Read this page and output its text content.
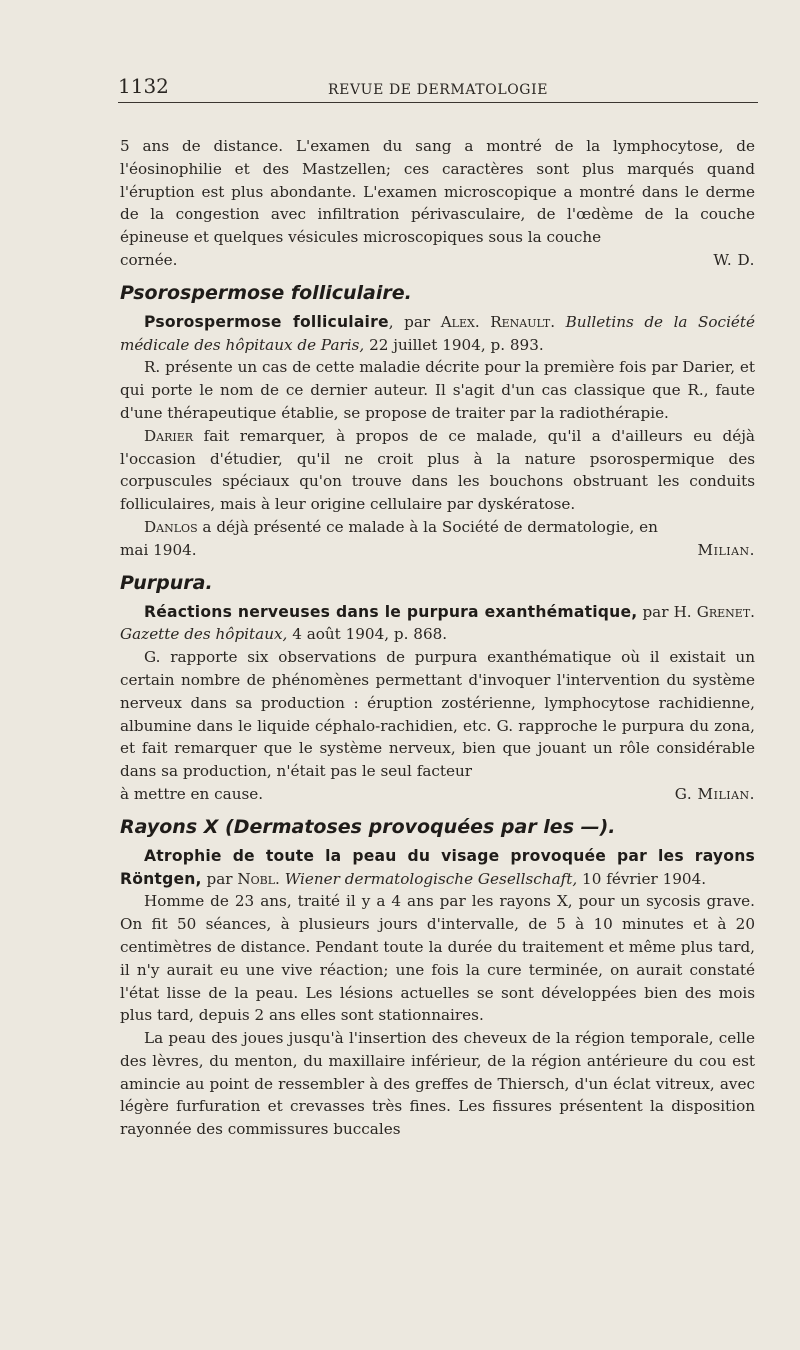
1132	REVUE DE DERMATOLOGIE

5 ans de distance. L'examen du sang a montré de la lymphocytose, de l'éosinophilie et des Mastzellen; ces caractères sont plus marqués quand l'éruption est plus abondante. L'examen microscopique a montré dans le derme de la congestion avec infiltration périvasculaire, de l'œdème de la couche épineuse et quelques vésicules microscopiques sous la couche

cornée.	W. D.

Psorospermose folliculaire.

Psorospermose folliculaire, par Alex. Renault. Bulletins de la Société médicale des hôpitaux de Paris, 22 juillet 1904, p. 893.

R. présente un cas de cette maladie décrite pour la première fois par Darier, et qui porte le nom de ce dernier auteur. Il s'agit d'un cas classique que R., faute d'une thérapeutique établie, se propose de traiter par la radiothérapie.

Darier fait remarquer, à propos de ce malade, qu'il a d'ailleurs eu déjà l'occasion d'étudier, qu'il ne croit plus à la nature psorospermique des corpuscules spéciaux qu'on trouve dans les bouchons obstruant les conduits folliculaires, mais à leur origine cellulaire par dyskératose.

Danlos a déjà présenté ce malade à la Société de dermatologie, en

mai 1904.	Milian.

Purpura.

Réactions nerveuses dans le purpura exanthématique, par H. Grenet. Gazette des hôpitaux, 4 août 1904, p. 868.

G. rapporte six observations de purpura exanthématique où il existait un certain nombre de phénomènes permettant d'invoquer l'intervention du système nerveux dans sa production : éruption zostérienne, lymphocytose rachidienne, albumine dans le liquide céphalo-rachidien, etc. G. rapproche le purpura du zona, et fait remarquer que le système nerveux, bien que jouant un rôle considérable dans sa production, n'était pas le seul facteur

à mettre en cause.	G. Milian.

Rayons X (Dermatoses provoquées par les —).

Atrophie de toute la peau du visage provoquée par les rayons Röntgen, par Nobl. Wiener dermatologische Gesellschaft, 10 février 1904.

Homme de 23 ans, traité il y a 4 ans par les rayons X, pour un sycosis grave. On fit 50 séances, à plusieurs jours d'intervalle, de 5 à 10 minutes et à 20 centimètres de distance. Pendant toute la durée du traitement et même plus tard, il n'y aurait eu une vive réaction; une fois la cure terminée, on aurait constaté l'état lisse de la peau. Les lésions actuelles se sont développées bien des mois plus tard, depuis 2 ans elles sont stationnaires.

La peau des joues jusqu'à l'insertion des cheveux de la région temporale, celle des lèvres, du menton, du maxillaire inférieur, de la région antérieure du cou est amincie au point de ressembler à des greffes de Thiersch, d'un éclat vitreux, avec légère furfuration et crevasses très fines. Les fissures présentent la disposition rayonnée des commissures buccales
